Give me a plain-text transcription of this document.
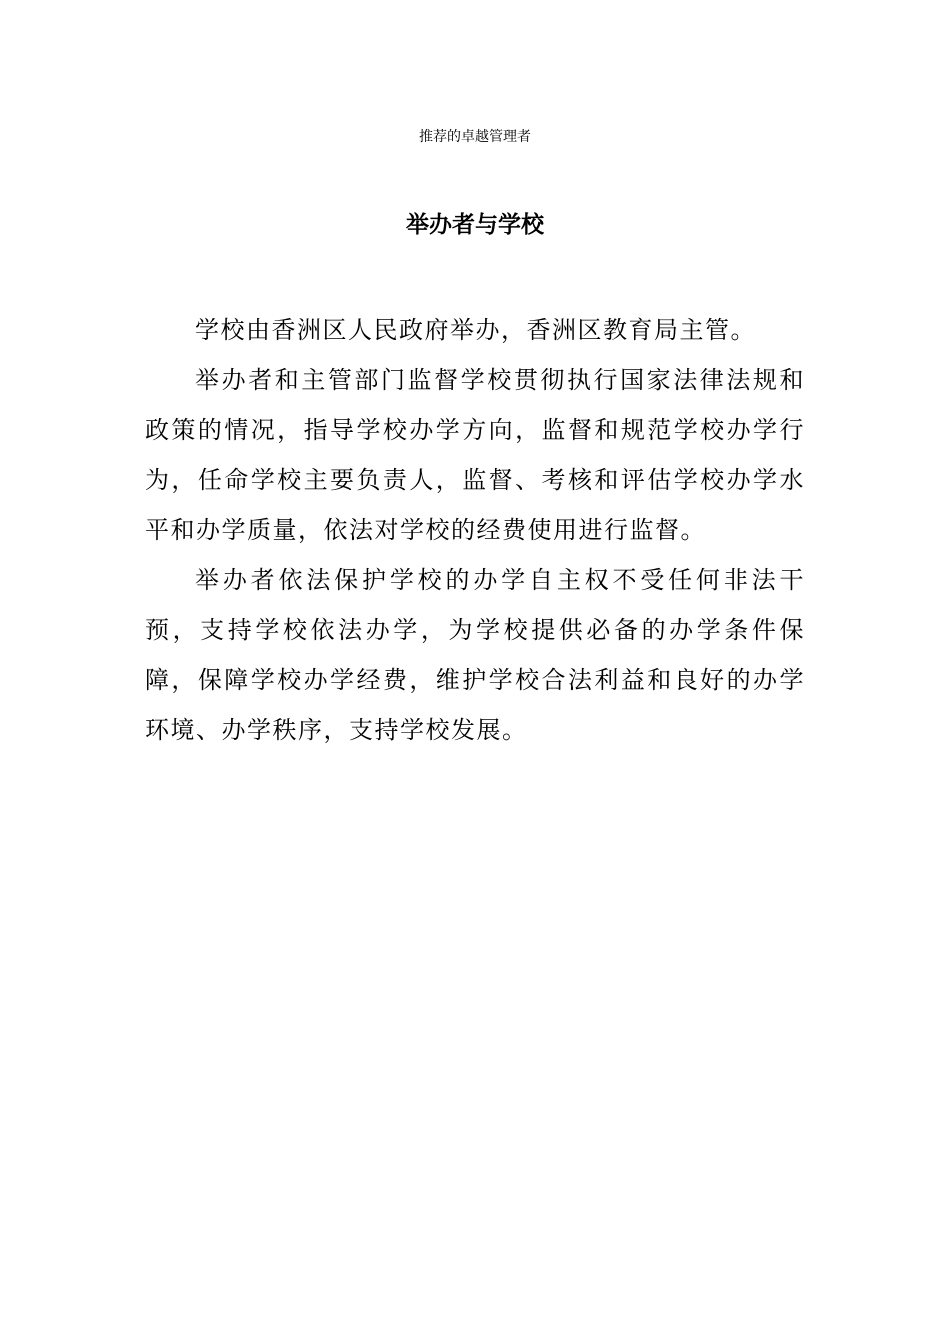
推荐的卓越管理者
举办者与学校

学校由香洲区人民政府举办，香洲区教育局主管。

举办者和主管部门监督学校贯彻执行国家法律法规和政策的情况，指导学校办学方向，监督和规范学校办学行为，任命学校主要负责人，监督、考核和评估学校办学水平和办学质量，依法对学校的经费使用进行监督。

举办者依法保护学校的办学自主权不受任何非法干预，支持学校依法办学，为学校提供必备的办学条件保障，保障学校办学经费，维护学校合法利益和良好的办学环境、办学秩序，支持学校发展。
